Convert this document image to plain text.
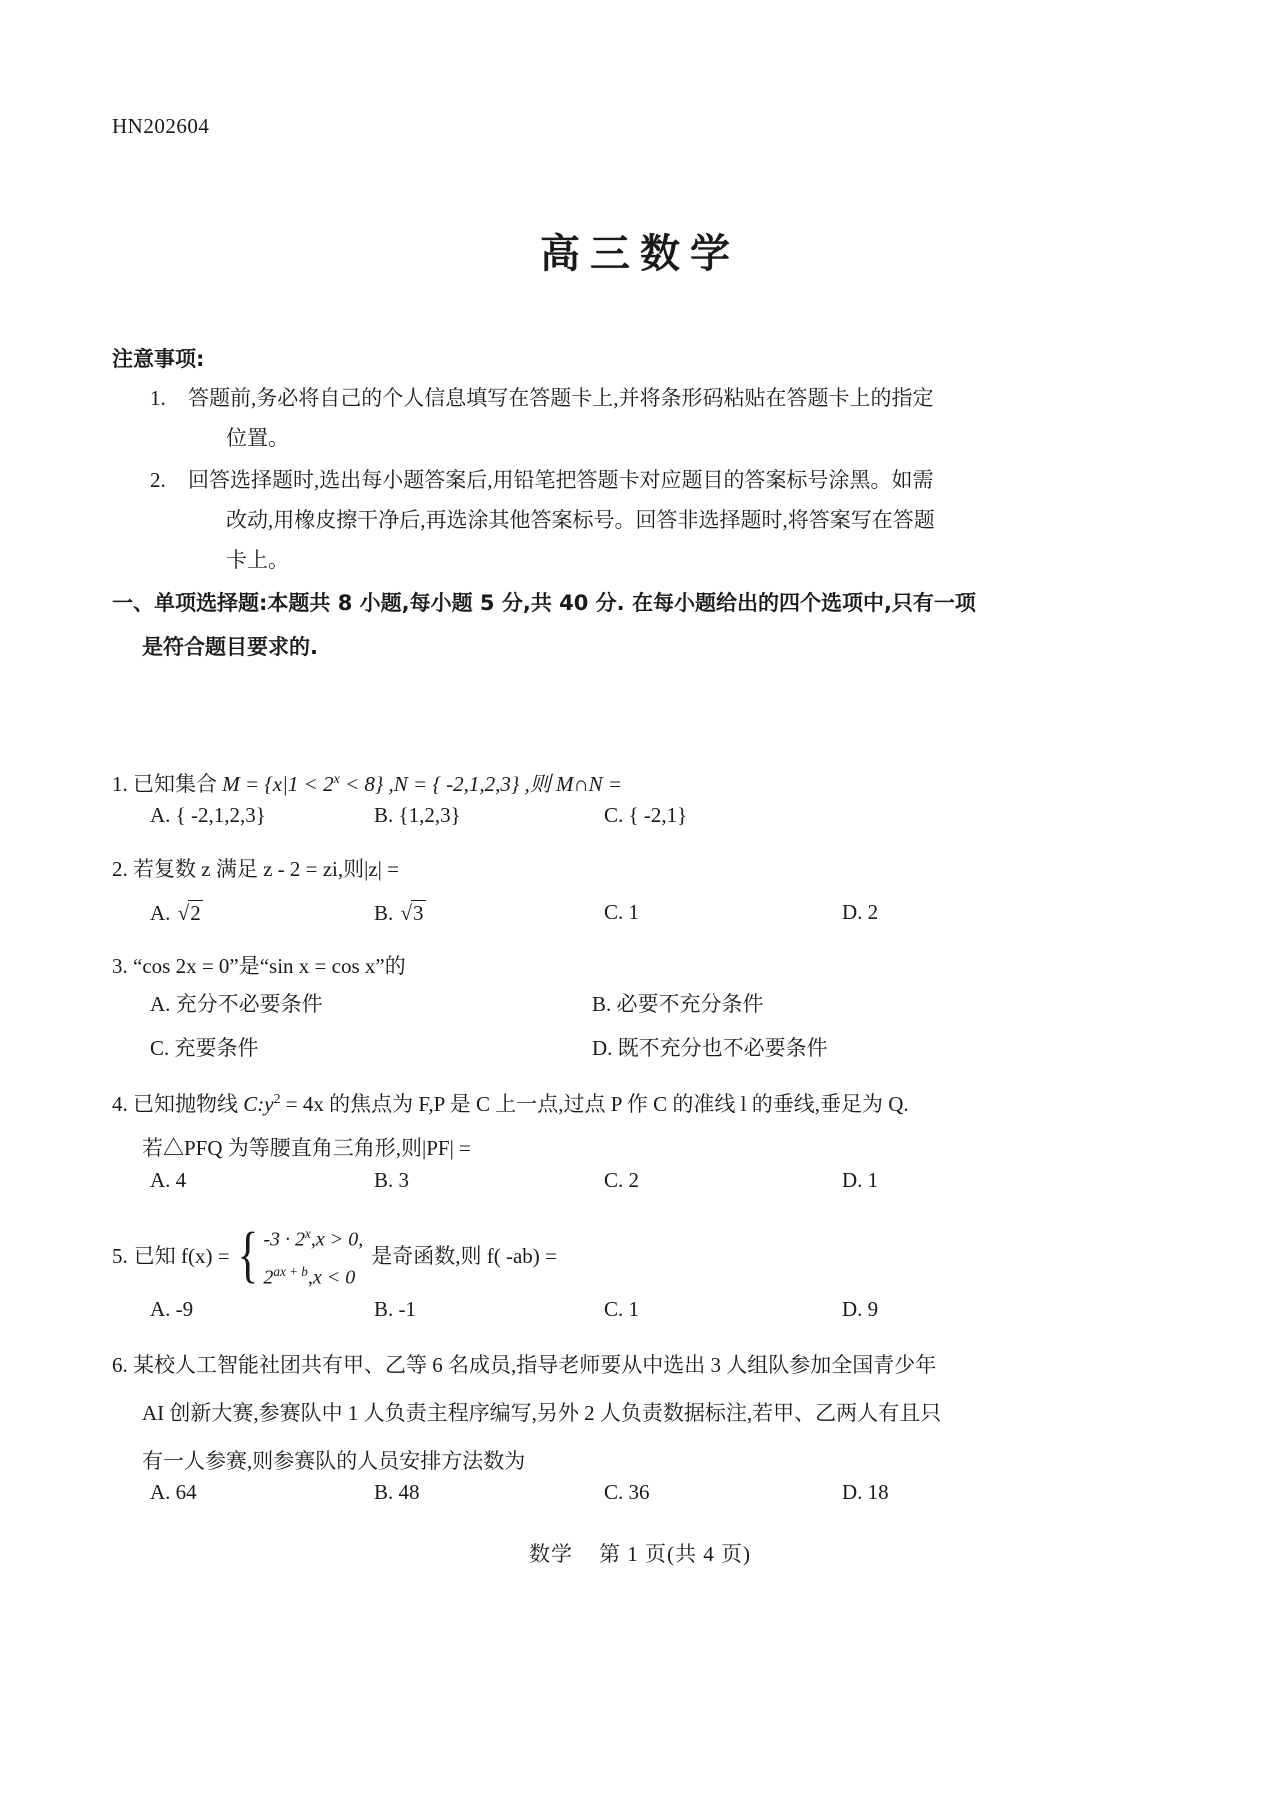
HN202604
高三数学
注意事项:
1.	答题前,务必将自己的个人信息填写在答题卡上,并将条形码粘贴在答题卡上的指定
位置。
2.	回答选择题时,选出每小题答案后,用铅笔把答题卡对应题目的答案标号涂黑。如需
改动,用橡皮擦干净后,再选涂其他答案标号。回答非选择题时,将答案写在答题
卡上。
一、单项选择题:本题共 8 小题,每小题 5 分,共 40 分. 在每小题给出的四个选项中,只有一项
是符合题目要求的.
1. 已知集合 $M = \{x|1 < 2^x < 8\}$ ,N = { -2,1,2,3} ,则 M∩N =
A. { -2,1,2,3}	B. {1,2,3}	C. { -2,1}
2. 若复数 z 满足 z - 2 = zi,则|z| =
A. √2	B. √3	C. 1	D. 2
3. “cos 2x = 0”是“sin x = cos x”的
A. 充分不必要条件	B. 必要不充分条件
C. 充要条件	D. 既不充分也不必要条件
4. 已知抛物线 $C:y^2 = 4x$ 的焦点为 F,P 是 C 上一点,过点 P 作 C 的准线 l 的垂线,垂足为 Q.
若△PFQ 为等腰直角三角形,则|PF| =
A. 4	B. 3	C. 2	D. 1
5. 已知 f(x) = { $-3 \cdot 2^x,x > 0$,
$2^{ax + b},x < 0$
是奇函数,则 f( -ab) =
A. -9	B. -1	C. 1	D. 9
6. 某校人工智能社团共有甲、乙等 6 名成员,指导老师要从中选出 3 人组队参加全国青少年
AI 创新大赛,参赛队中 1 人负责主程序编写,另外 2 人负责数据标注,若甲、乙两人有且只
有一人参赛,则参赛队的人员安排方法数为
A. 64	B. 48	C. 36	D. 18
数学 第 1 页(共 4 页)
